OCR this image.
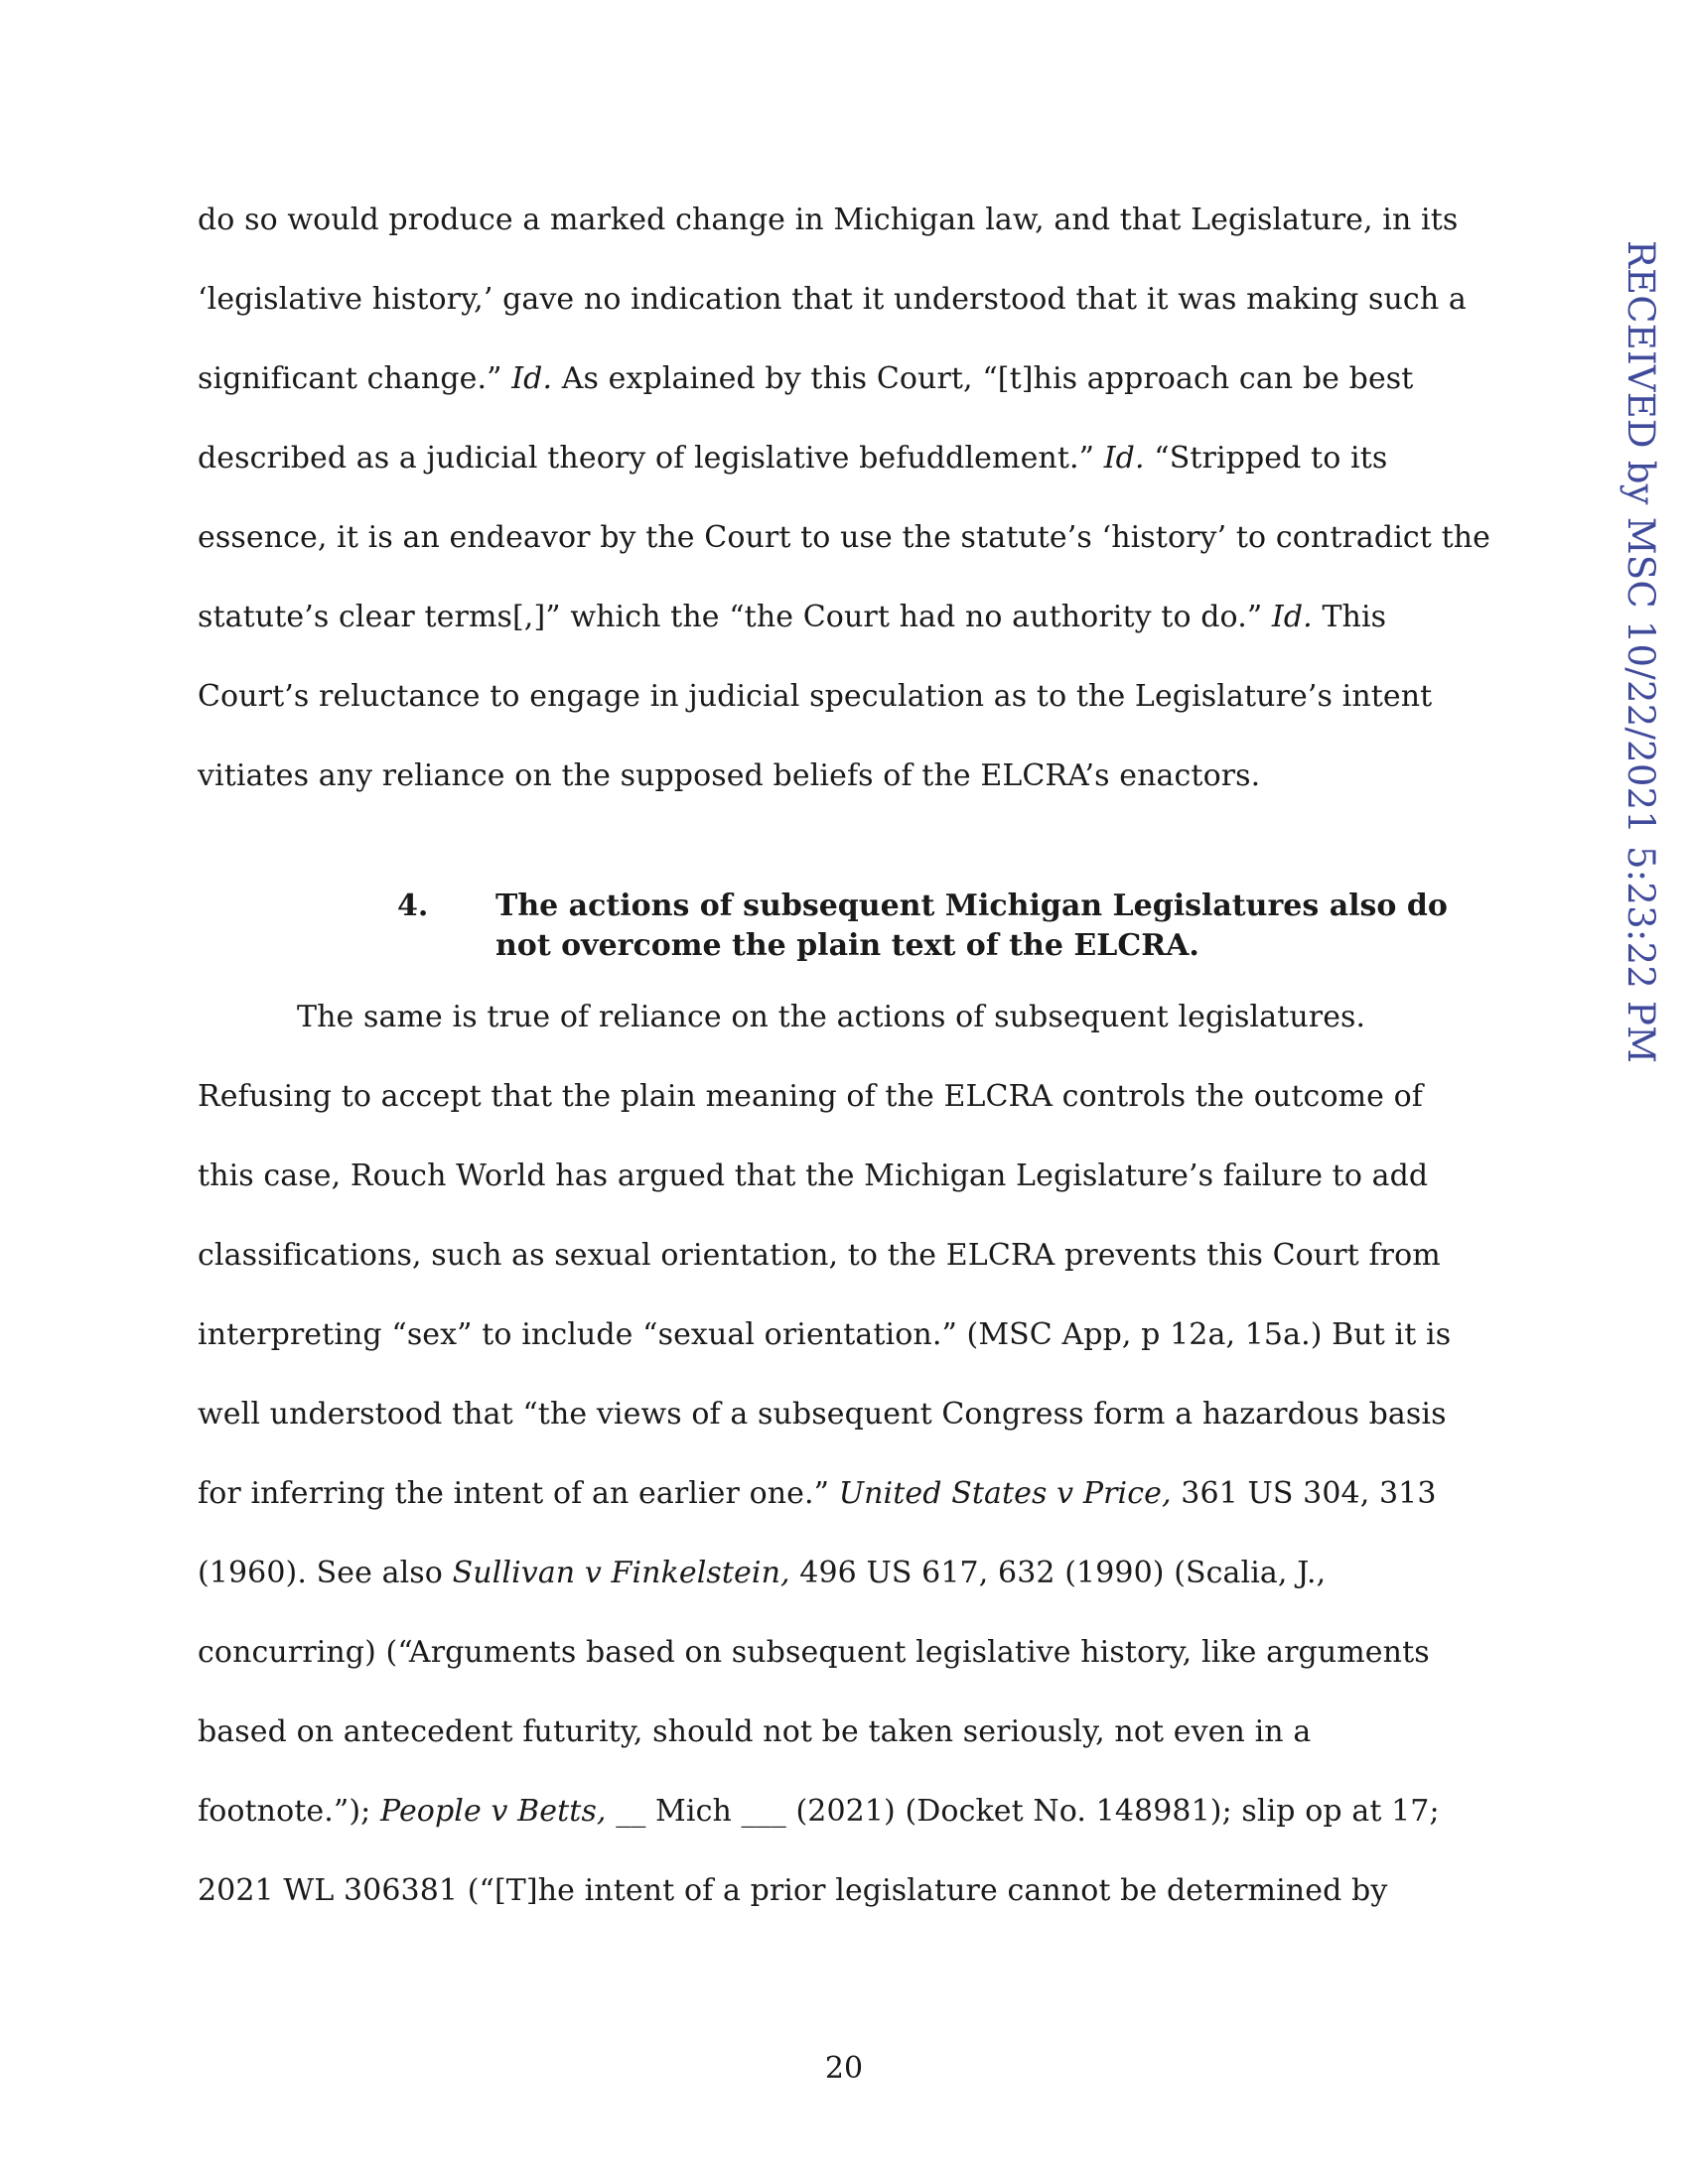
do so would produce a marked change in Michigan law, and that Legislature, in its
‘legislative history,’ gave no indication that it understood that it was making such a
significant change.” Id. As explained by this Court, “[t]his approach can be best
described as a judicial theory of legislative befuddlement.” Id. “Stripped to its
essence, it is an endeavor by the Court to use the statute’s ‘history’ to contradict the
statute’s clear terms[,]” which the “the Court had no authority to do.” Id. This
Court’s reluctance to engage in judicial speculation as to the Legislature’s intent
vitiates any reliance on the supposed beliefs of the ELCRA’s enactors.
4. The actions of subsequent Michigan Legislatures also do
not overcome the plain text of the ELCRA.
The same is true of reliance on the actions of subsequent legislatures.
Refusing to accept that the plain meaning of the ELCRA controls the outcome of
this case, Rouch World has argued that the Michigan Legislature’s failure to add
classifications, such as sexual orientation, to the ELCRA prevents this Court from
interpreting “sex” to include “sexual orientation.” (MSC App, p 12a, 15a.) But it is
well understood that “the views of a subsequent Congress form a hazardous basis
for inferring the intent of an earlier one.” United States v Price, 361 US 304, 313
(1960). See also Sullivan v Finkelstein, 496 US 617, 632 (1990) (Scalia, J.,
concurring) (“Arguments based on subsequent legislative history, like arguments
based on antecedent futurity, should not be taken seriously, not even in a
footnote.”); People v Betts, __ Mich ___ (2021) (Docket No. 148981); slip op at 17;
2021 WL 306381 (“[T]he intent of a prior legislature cannot be determined by
20
RECEIVED by MSC 10/22/2021 5:23:22 PM
